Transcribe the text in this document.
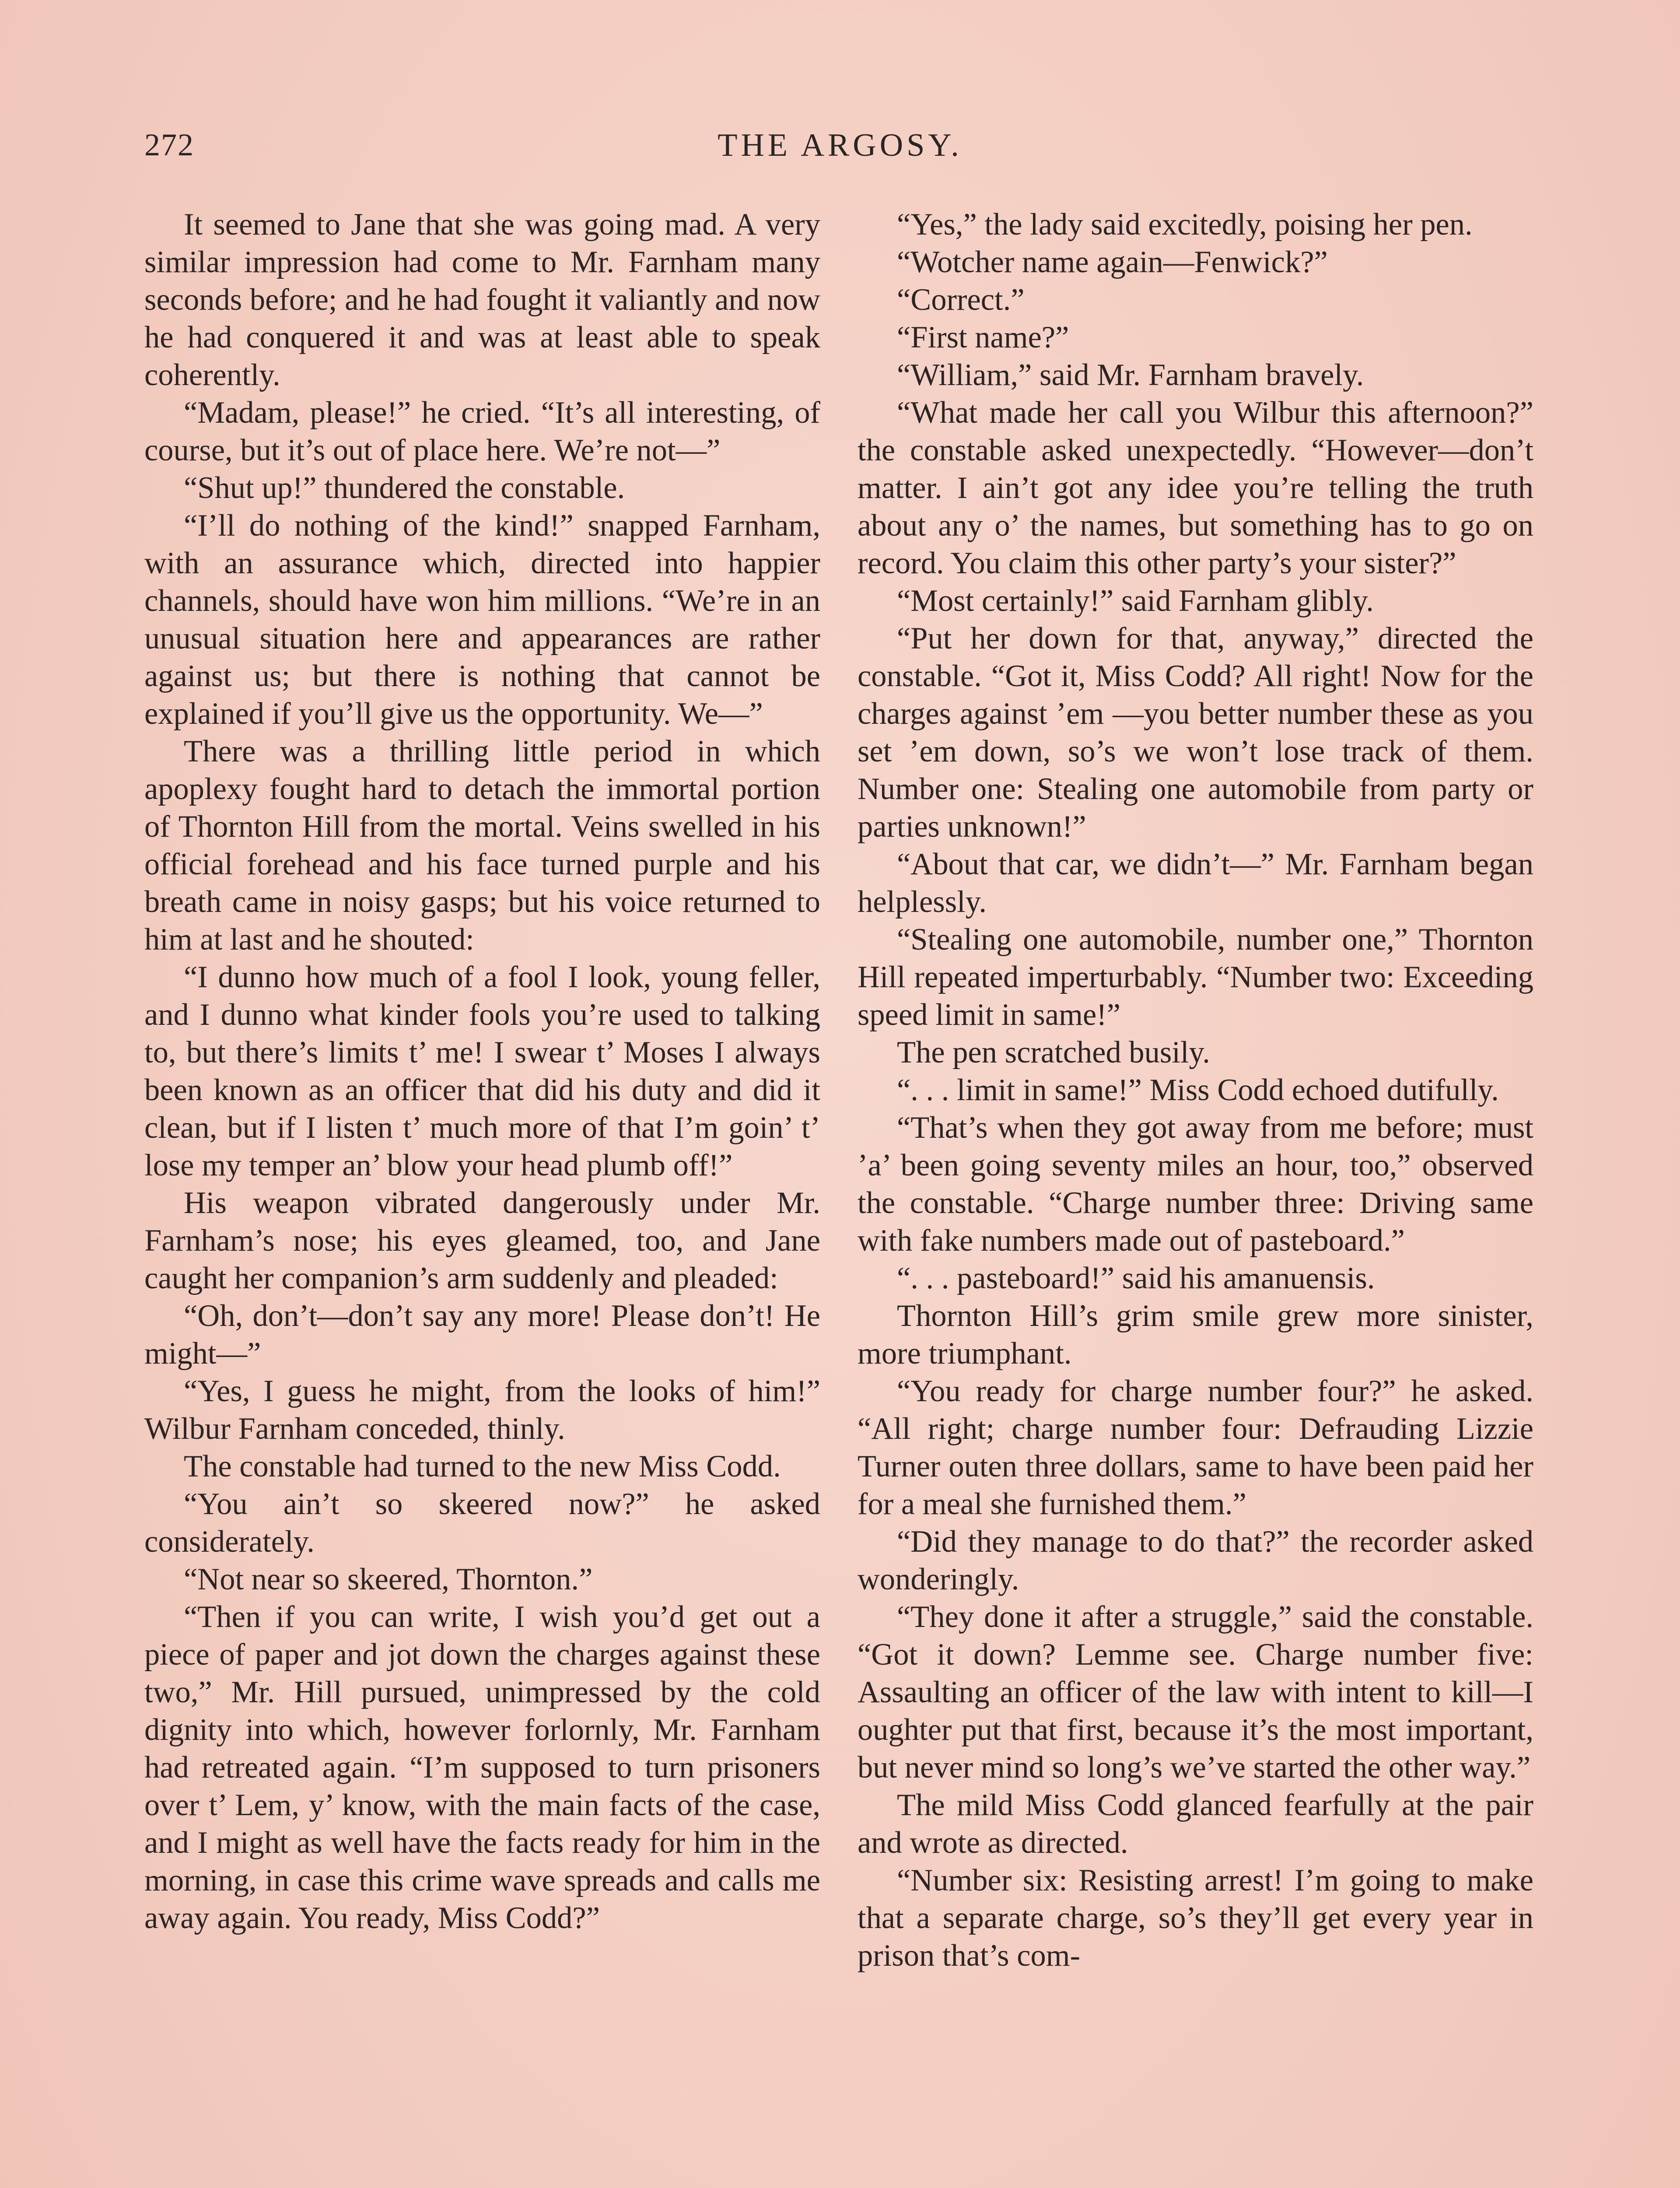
272	THE ARGOSY.

It seemed to Jane that she was going mad. A very similar impression had come to Mr. Farnham many seconds before; and he had fought it valiantly and now he had conquered it and was at least able to speak coherently.

“Madam, please!” he cried. “It’s all interesting, of course, but it’s out of place here. We’re not—”

“Shut up!” thundered the constable.

“I’ll do nothing of the kind!” snapped Farnham, with an assurance which, directed into happier channels, should have won him millions. “We’re in an unusual situation here and appearances are rather against us; but there is nothing that cannot be explained if you’ll give us the opportunity. We—”

There was a thrilling little period in which apoplexy fought hard to detach the immortal portion of Thornton Hill from the mortal. Veins swelled in his official forehead and his face turned purple and his breath came in noisy gasps; but his voice returned to him at last and he shouted:

“I dunno how much of a fool I look, young feller, and I dunno what kinder fools you’re used to talking to, but there’s limits t’ me! I swear t’ Moses I always been known as an officer that did his duty and did it clean, but if I listen t’ much more of that I’m goin’ t’ lose my temper an’ blow your head plumb off!”

His weapon vibrated dangerously under Mr. Farnham’s nose; his eyes gleamed, too, and Jane caught her companion’s arm suddenly and pleaded:

“Oh, don’t—don’t say any more! Please don’t! He might—”

“Yes, I guess he might, from the looks of him!” Wilbur Farnham conceded, thinly.

The constable had turned to the new Miss Codd.

“You ain’t so skeered now?” he asked considerately.

“Not near so skeered, Thornton.”

“Then if you can write, I wish you’d get out a piece of paper and jot down the charges against these two,” Mr. Hill pursued, unimpressed by the cold dignity into which, however forlornly, Mr. Farnham had retreated again. “I’m supposed to turn prisoners over t’ Lem, y’ know, with the main facts of the case, and I might as well have the facts ready for him in the morning, in case this crime wave spreads and calls me away again. You ready, Miss Codd?”

“Yes,” the lady said excitedly, poising her pen.

“Wotcher name again—Fenwick?”

“Correct.”

“First name?”

“William,” said Mr. Farnham bravely.

“What made her call you Wilbur this afternoon?” the constable asked unexpectedly. “However—don’t matter. I ain’t got any idee you’re telling the truth about any o’ the names, but something has to go on record. You claim this other party’s your sister?”

“Most certainly!” said Farnham glibly.

“Put her down for that, anyway,” directed the constable. “Got it, Miss Codd? All right! Now for the charges against ’em —you better number these as you set ’em down, so’s we won’t lose track of them. Number one: Stealing one automobile from party or parties unknown!”

“About that car, we didn’t—” Mr. Farnham began helplessly.

“Stealing one automobile, number one,” Thornton Hill repeated imperturbably. “Number two: Exceeding speed limit in same!”

The pen scratched busily.

“. . . limit in same!” Miss Codd echoed dutifully.

“That’s when they got away from me before; must ’a’ been going seventy miles an hour, too,” observed the constable. “Charge number three: Driving same with fake numbers made out of pasteboard.”

“. . . pasteboard!” said his amanuensis.

Thornton Hill’s grim smile grew more sinister, more triumphant.

“You ready for charge number four?” he asked. “All right; charge number four: Defrauding Lizzie Turner outen three dollars, same to have been paid her for a meal she furnished them.”

“Did they manage to do that?” the recorder asked wonderingly.

“They done it after a struggle,” said the constable. “Got it down? Lemme see. Charge number five: Assaulting an officer of the law with intent to kill—I oughter put that first, because it’s the most important, but never mind so long’s we’ve started the other way.”

The mild Miss Codd glanced fearfully at the pair and wrote as directed.

“Number six: Resisting arrest! I’m going to make that a separate charge, so’s they’ll get every year in prison that’s com-
